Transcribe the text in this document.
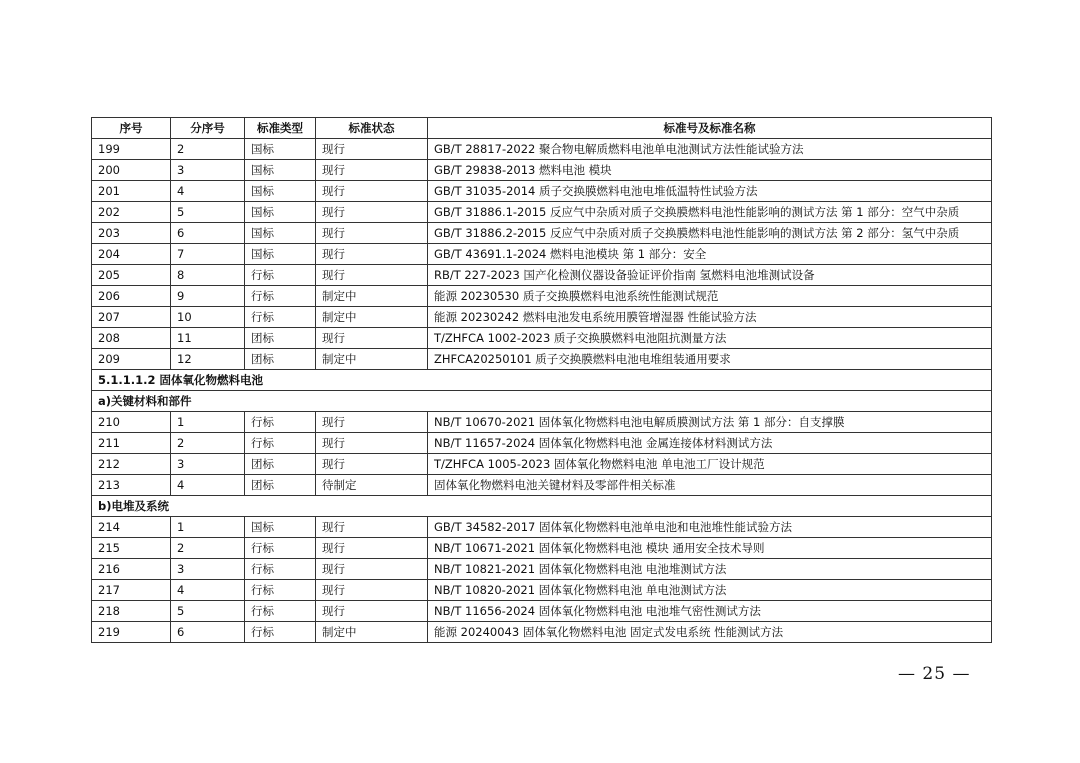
序号	分序号	标准类型	标准状态	标准号及标准名称
199	2	国标	现行	GB/T 28817-2022 聚合物电解质燃料电池单电池测试方法性能试验方法
200	3	国标	现行	GB/T 29838-2013 燃料电池 模块
201	4	国标	现行	GB/T 31035-2014 质子交换膜燃料电池电堆低温特性试验方法
202	5	国标	现行	GB/T 31886.1-2015 反应气中杂质对质子交换膜燃料电池性能影响的测试方法 第 1 部分：空气中杂质
203	6	国标	现行	GB/T 31886.2-2015 反应气中杂质对质子交换膜燃料电池性能影响的测试方法 第 2 部分：氢气中杂质
204	7	国标	现行	GB/T 43691.1-2024 燃料电池模块 第 1 部分：安全
205	8	行标	现行	RB/T 227-2023 国产化检测仪器设备验证评价指南 氢燃料电池堆测试设备
206	9	行标	制定中	能源 20230530 质子交换膜燃料电池系统性能测试规范
207	10	行标	制定中	能源 20230242 燃料电池发电系统用膜管增湿器 性能试验方法
208	11	团标	现行	T/ZHFCA 1002-2023 质子交换膜燃料电池阻抗测量方法
209	12	团标	制定中	ZHFCA20250101 质子交换膜燃料电池电堆组装通用要求
5.1.1.1.2 固体氧化物燃料电池				
a)关键材料和部件				
210	1	行标	现行	NB/T 10670-2021 固体氧化物燃料电池电解质膜测试方法 第 1 部分：自支撑膜
211	2	行标	现行	NB/T 11657-2024 固体氧化物燃料电池 金属连接体材料测试方法
212	3	团标	现行	T/ZHFCA 1005-2023 固体氧化物燃料电池 单电池工厂设计规范
213	4	团标	待制定	固体氧化物燃料电池关键材料及零部件相关标准
b)电堆及系统				
214	1	国标	现行	GB/T 34582-2017 固体氧化物燃料电池单电池和电池堆性能试验方法
215	2	行标	现行	NB/T 10671-2021 固体氧化物燃料电池 模块 通用安全技术导则
216	3	行标	现行	NB/T 10821-2021 固体氧化物燃料电池 电池堆测试方法
217	4	行标	现行	NB/T 10820-2021 固体氧化物燃料电池 单电池测试方法
218	5	行标	现行	NB/T 11656-2024 固体氧化物燃料电池 电池堆气密性测试方法
219	6	行标	制定中	能源 20240043 固体氧化物燃料电池 固定式发电系统 性能测试方法
— 25 —
